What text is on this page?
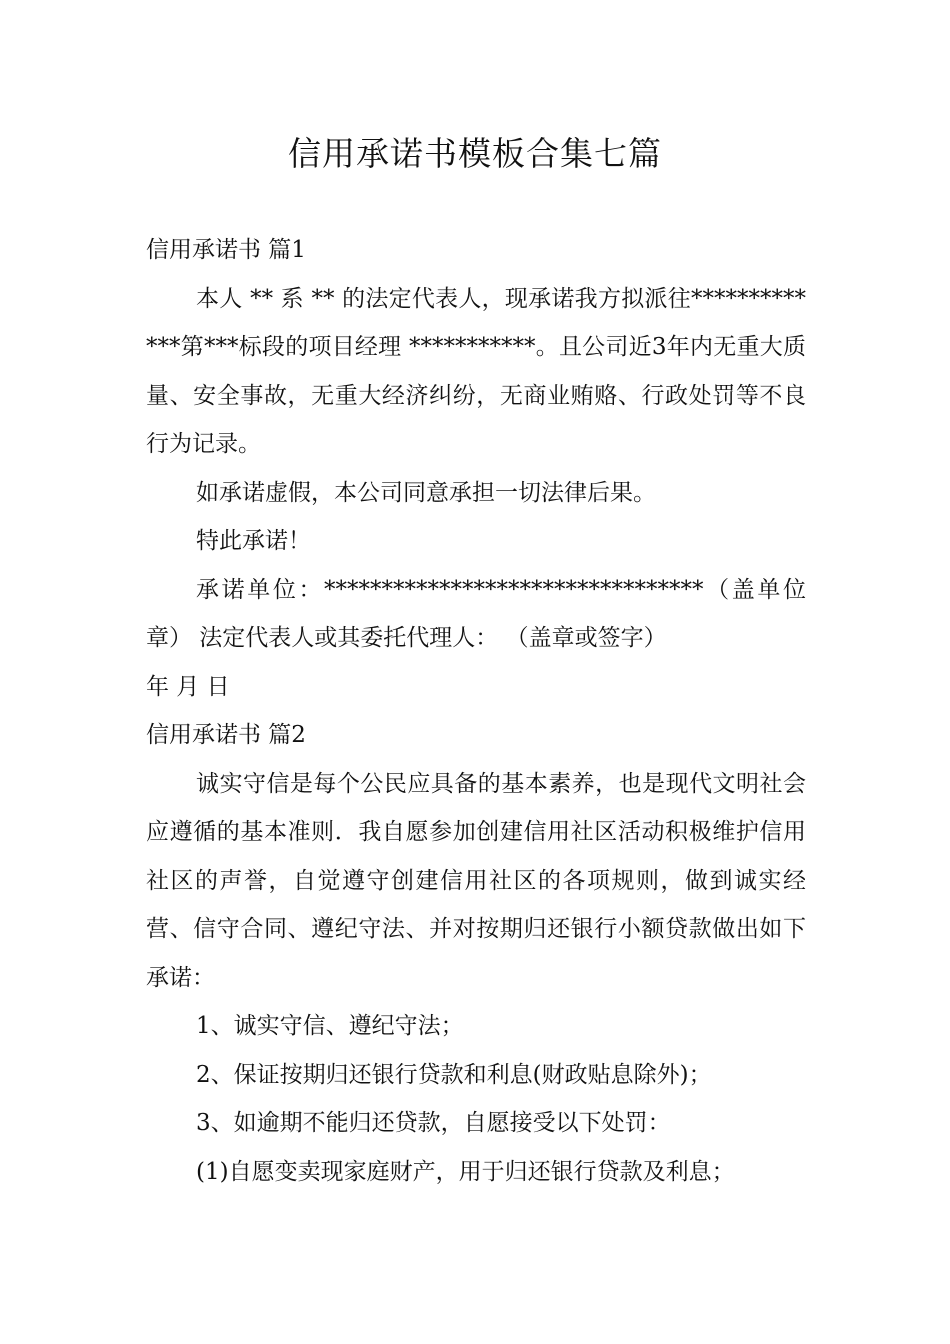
信用承诺书模板合集七篇

信用承诺书 篇1

本人 ** 系 ** 的法定代表人，现承诺我方拟派往*************第***标段的项目经理 ***********。且公司近3年内无重大质量、安全事故，无重大经济纠纷，无商业贿赂、行政处罚等不良行为记录。

如承诺虚假，本公司同意承担一切法律后果。

特此承诺！

承诺单位：*********************************（盖单位章） 法定代表人或其委托代理人： （盖章或签字）

年 月 日

信用承诺书 篇2

诚实守信是每个公民应具备的基本素养，也是现代文明社会应遵循的基本准则．我自愿参加创建信用社区活动积极维护信用社区的声誉，自觉遵守创建信用社区的各项规则，做到诚实经营、信守合同、遵纪守法、并对按期归还银行小额贷款做出如下承诺：

1、诚实守信、遵纪守法；

2、保证按期归还银行贷款和利息(财政贴息除外)；

3、如逾期不能归还贷款，自愿接受以下处罚：

(1)自愿变卖现家庭财产，用于归还银行贷款及利息；
